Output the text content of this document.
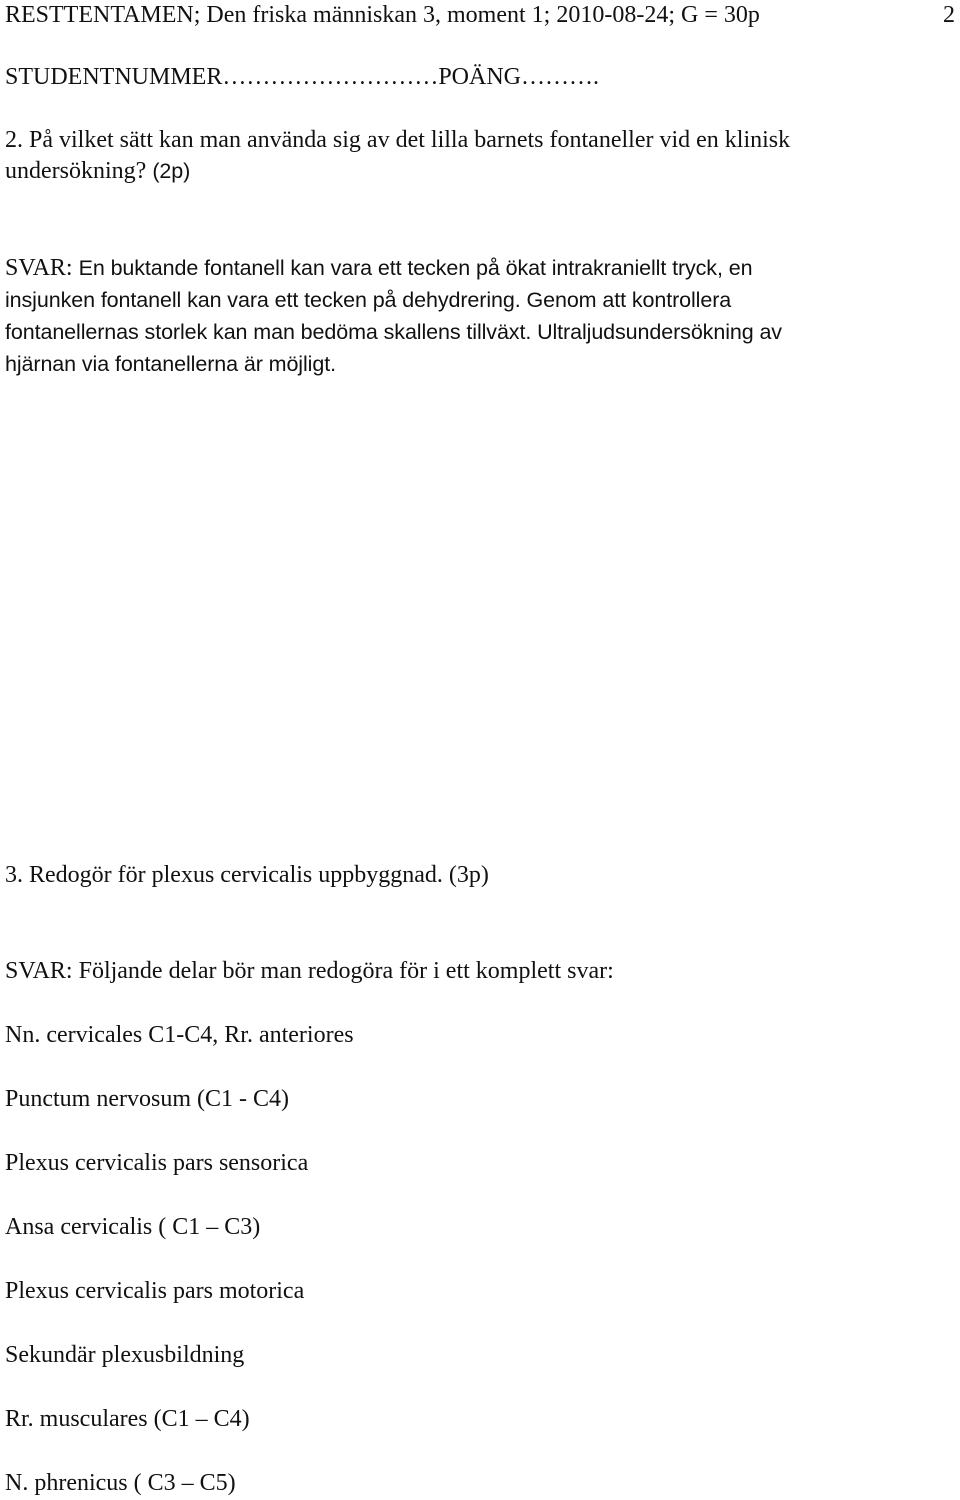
RESTTENTAMEN; Den friska människan 3, moment 1; 2010-08-24; G = 30p	2
STUDENTNUMMER………………………POÄNG……….
2. På vilket sätt kan man använda sig av det lilla barnets fontaneller vid en klinisk
undersökning? (2p)
SVAR: En buktande fontanell kan vara ett tecken på ökat intrakraniellt tryck, en
insjunken fontanell kan vara ett tecken på dehydrering. Genom att kontrollera
fontanellernas storlek kan man bedöma skallens tillväxt. Ultraljudsundersökning av
hjärnan via fontanellerna är möjligt.
3. Redogör för plexus cervicalis uppbyggnad. (3p)
SVAR: Följande delar bör man redogöra för i ett komplett svar:
Nn. cervicales C1-C4, Rr. anteriores
Punctum nervosum (C1 - C4)
Plexus cervicalis pars sensorica
Ansa cervicalis ( C1 – C3)
Plexus cervicalis pars motorica
Sekundär plexusbildning
Rr. musculares (C1 – C4)
N. phrenicus ( C3 – C5)
